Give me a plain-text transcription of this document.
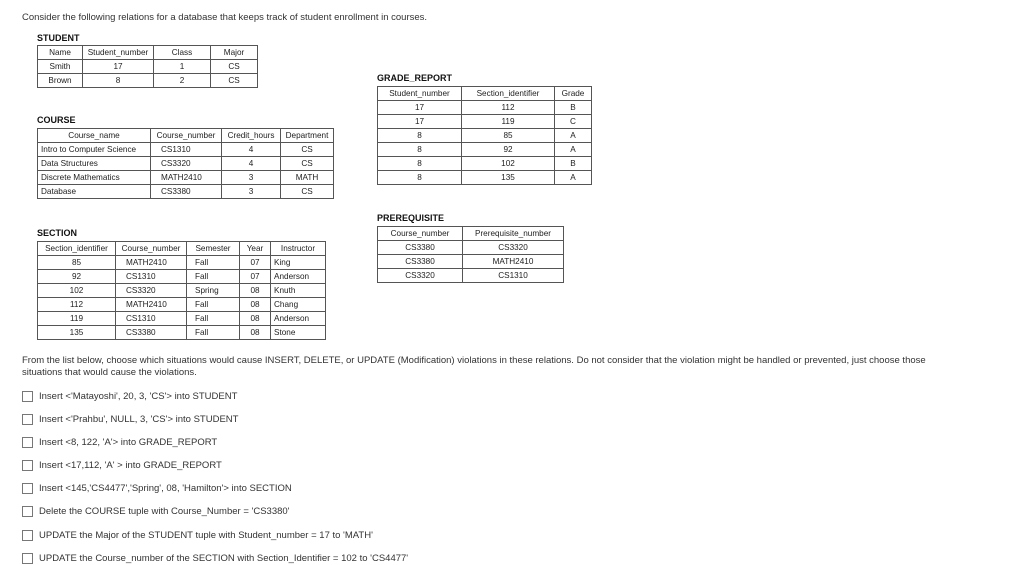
Consider the following relations for a database that keeps track of student enrollment in courses.
STUDENT
Name	Student_number	Class	Major
Smith	17	1	CS
Brown	8	2	CS
COURSE
Course_name	Course_number	Credit_hours	Department
Intro to Computer Science	CS1310	4	CS
Data Structures	CS3320	4	CS
Discrete Mathematics	MATH2410	3	MATH
Database	CS3380	3	CS
SECTION
Section_identifier	Course_number	Semester	Year	Instructor
85	MATH2410	Fall	07	King
92	CS1310	Fall	07	Anderson
102	CS3320	Spring	08	Knuth
112	MATH2410	Fall	08	Chang
119	CS1310	Fall	08	Anderson
135	CS3380	Fall	08	Stone
GRADE_REPORT
Student_number	Section_identifier	Grade
17	112	B
17	119	C
8	85	A
8	92	A
8	102	B
8	135	A
PREREQUISITE
Course_number	Prerequisite_number
CS3380	CS3320
CS3380	MATH2410
CS3320	CS1310
From the list below, choose which situations would cause INSERT, DELETE, or UPDATE (Modification) violations in these relations. Do not consider that the violation might be handled or prevented, just choose those situations that would cause the violations.
Insert <'Matayoshi', 20, 3, 'CS'> into STUDENT
Insert <'Prahbu', NULL, 3, 'CS'> into STUDENT
Insert <8, 122, 'A'> into GRADE_REPORT
Insert <17,112, 'A' > into GRADE_REPORT
Insert <145,'CS4477','Spring', 08, 'Hamilton'> into SECTION
Delete the COURSE tuple with Course_Number = 'CS3380'
UPDATE the Major of the STUDENT tuple with Student_number = 17 to 'MATH'
UPDATE the Course_number of the SECTION with Section_Identifier = 102 to 'CS4477'
